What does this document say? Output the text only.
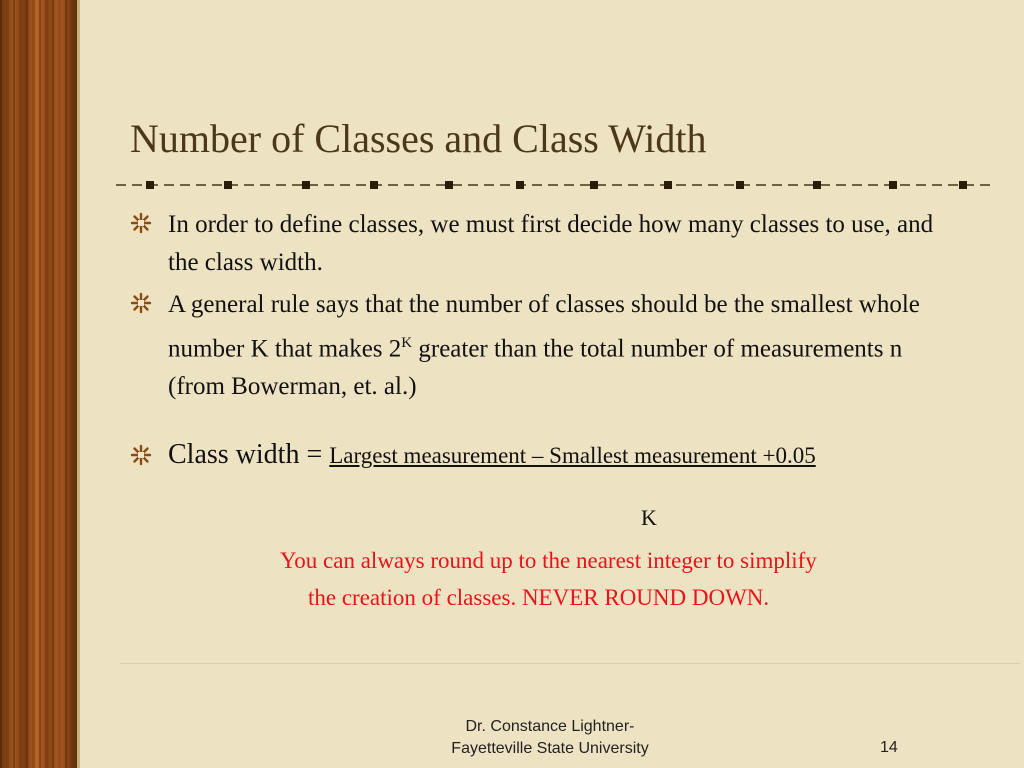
Number of Classes and Class Width
In order to define classes, we must first decide how many classes to use, and the class width.
A general rule says that the number of classes should be the smallest whole number K that makes $2^K$ greater than the total number of measurements n (from Bowerman, et. al.)
Class width = Largest measurement – Smallest measurement +0.05
K
You can always round up to the nearest integer to simplify
the creation of classes. NEVER ROUND DOWN.
Dr. Constance Lightner-
Fayetteville State University	14
